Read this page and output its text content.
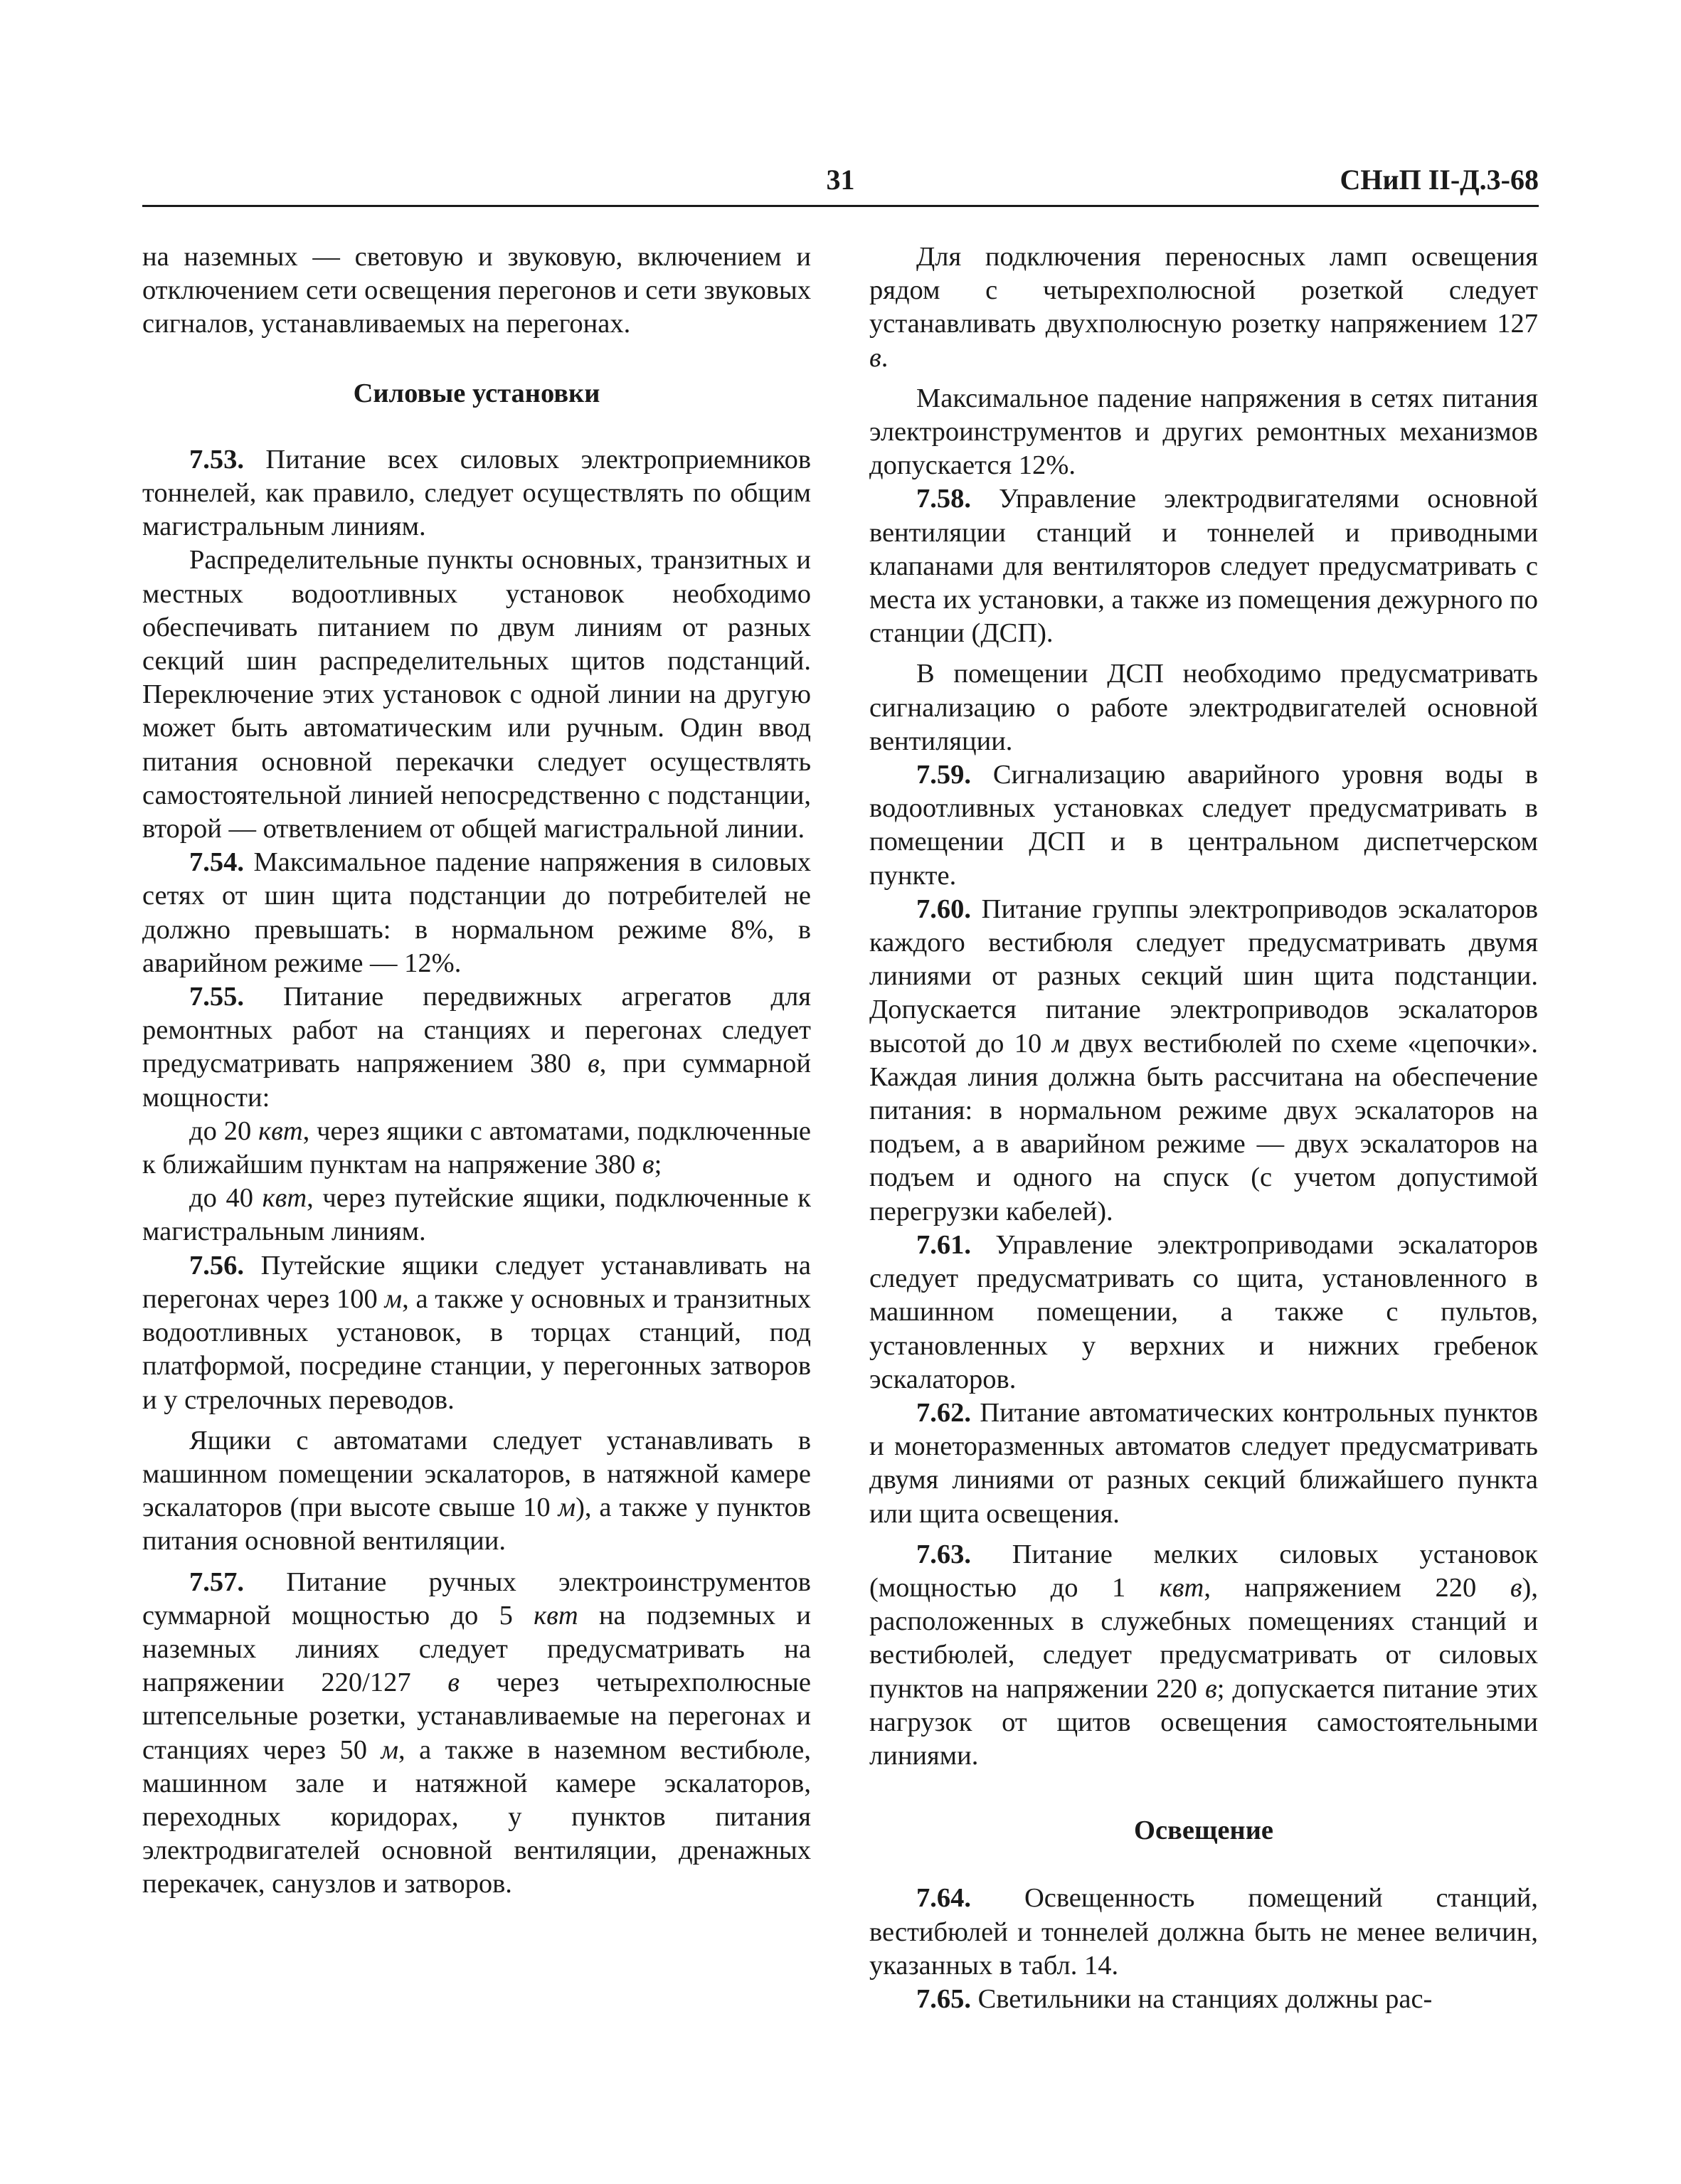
31	СНиП II-Д.3-68

на наземных — световую и звуковую, включением и отключением сети освещения перегонов и сети звуковых сигналов, устанавливаемых на перегонах.

Силовые установки

7.53. Питание всех силовых электроприемников тоннелей, как правило, следует осуществлять по общим магистральным линиям.

Распределительные пункты основных, транзитных и местных водоотливных установок необходимо обеспечивать питанием по двум линиям от разных секций шин распределительных щитов подстанций. Переключение этих установок с одной линии на другую может быть автоматическим или ручным. Один ввод питания основной перекачки следует осуществлять самостоятельной линией непосредственно с подстанции, второй — ответвлением от общей магистральной линии.

7.54. Максимальное падение напряжения в силовых сетях от шин щита подстанции до потребителей не должно превышать: в нормальном режиме 8%, в аварийном режиме — 12%.

7.55. Питание передвижных агрегатов для ремонтных работ на станциях и перегонах следует предусматривать напряжением 380 в, при суммарной мощности:

до 20 квт, через ящики с автоматами, подключенные к ближайшим пунктам на напряжение 380 в;

до 40 квт, через путейские ящики, подключенные к магистральным линиям.

7.56. Путейские ящики следует устанавливать на перегонах через 100 м, а также у основных и транзитных водоотливных установок, в торцах станций, под платформой, посредине станции, у перегонных затворов и у стрелочных переводов.

Ящики с автоматами следует устанавливать в машинном помещении эскалаторов, в натяжной камере эскалаторов (при высоте свыше 10 м), а также у пунктов питания основной вентиляции.

7.57. Питание ручных электроинструментов суммарной мощностью до 5 квт на подземных и наземных линиях следует предусматривать на напряжении 220/127 в через четырехполюсные штепсельные розетки, устанавливаемые на перегонах и станциях через 50 м, а также в наземном вестибюле, машинном зале и натяжной камере эскалаторов, переходных коридорах, у пунктов питания электродвигателей основной вентиляции, дренажных перекачек, санузлов и затворов.

Для подключения переносных ламп освещения рядом с четырехполюсной розеткой следует устанавливать двухполюсную розетку напряжением 127 в.

Максимальное падение напряжения в сетях питания электроинструментов и других ремонтных механизмов допускается 12%.

7.58. Управление электродвигателями основной вентиляции станций и тоннелей и приводными клапанами для вентиляторов следует предусматривать с места их установки, а также из помещения дежурного по станции (ДСП).

В помещении ДСП необходимо предусматривать сигнализацию о работе электродвигателей основной вентиляции.

7.59. Сигнализацию аварийного уровня воды в водоотливных установках следует предусматривать в помещении ДСП и в центральном диспетчерском пункте.

7.60. Питание группы электроприводов эскалаторов каждого вестибюля следует предусматривать двумя линиями от разных секций шин щита подстанции. Допускается питание электроприводов эскалаторов высотой до 10 м двух вестибюлей по схеме «цепочки». Каждая линия должна быть рассчитана на обеспечение питания: в нормальном режиме двух эскалаторов на подъем, а в аварийном режиме — двух эскалаторов на подъем и одного на спуск (с учетом допустимой перегрузки кабелей).

7.61. Управление электроприводами эскалаторов следует предусматривать со щита, установленного в машинном помещении, а также с пультов, установленных у верхних и нижних гребенок эскалаторов.

7.62. Питание автоматических контрольных пунктов и монеторазменных автоматов следует предусматривать двумя линиями от разных секций ближайшего пункта или щита освещения.

7.63. Питание мелких силовых установок (мощностью до 1 квт, напряжением 220 в), расположенных в служебных помещениях станций и вестибюлей, следует предусматривать от силовых пунктов на напряжении 220 в; допускается питание этих нагрузок от щитов освещения самостоятельными линиями.

Освещение

7.64. Освещенность помещений станций, вестибюлей и тоннелей должна быть не менее величин, указанных в табл. 14.

7.65. Светильники на станциях должны рас-
